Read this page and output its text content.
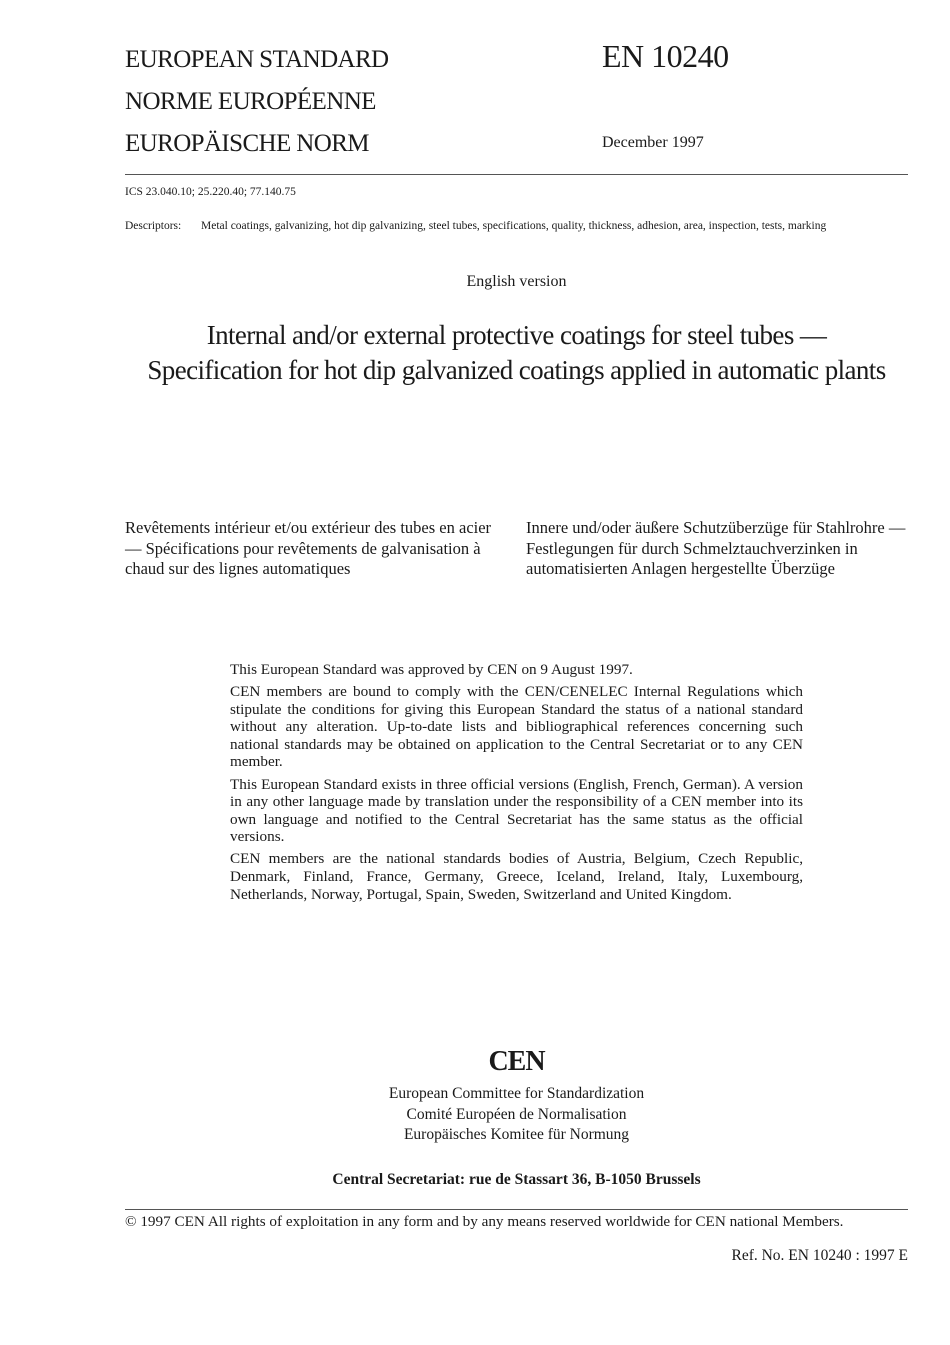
EUROPEAN STANDARD
NORME EUROPÉENNE
EUROPÄISCHE NORM
EN 10240
December 1997
ICS 23.040.10; 25.220.40; 77.140.75
Descriptors: Metal coatings, galvanizing, hot dip galvanizing, steel tubes, specifications, quality, thickness, adhesion, area, inspection, tests, marking
English version
Internal and/or external protective coatings for steel tubes —
Specification for hot dip galvanized coatings applied in automatic plants
Revêtements intérieur et/ou extérieur des tubes en acier — Spécifications pour revêtements de galvanisation à chaud sur des lignes automatiques
Innere und/oder äußere Schutzüberzüge für Stahlrohre — Festlegungen für durch Schmelztauchverzinken in automatisierten Anlagen hergestellte Überzüge

This European Standard was approved by CEN on 9 August 1997.

CEN members are bound to comply with the CEN/CENELEC Internal Regulations which stipulate the conditions for giving this European Standard the status of a national standard without any alteration. Up-to-date lists and bibliographical references concerning such national standards may be obtained on application to the Central Secretariat or to any CEN member.

This European Standard exists in three official versions (English, French, German). A version in any other language made by translation under the responsibility of a CEN member into its own language and notified to the Central Secretariat has the same status as the official versions.

CEN members are the national standards bodies of Austria, Belgium, Czech Republic, Denmark, Finland, France, Germany, Greece, Iceland, Ireland, Italy, Luxembourg, Netherlands, Norway, Portugal, Spain, Sweden, Switzerland and United Kingdom.

CEN
European Committee for Standardization
Comité Européen de Normalisation
Europäisches Komitee für Normung
Central Secretariat: rue de Stassart 36, B-1050 Brussels
© 1997 CEN All rights of exploitation in any form and by any means reserved worldwide for CEN national Members.
Ref. No. EN 10240 : 1997 E
